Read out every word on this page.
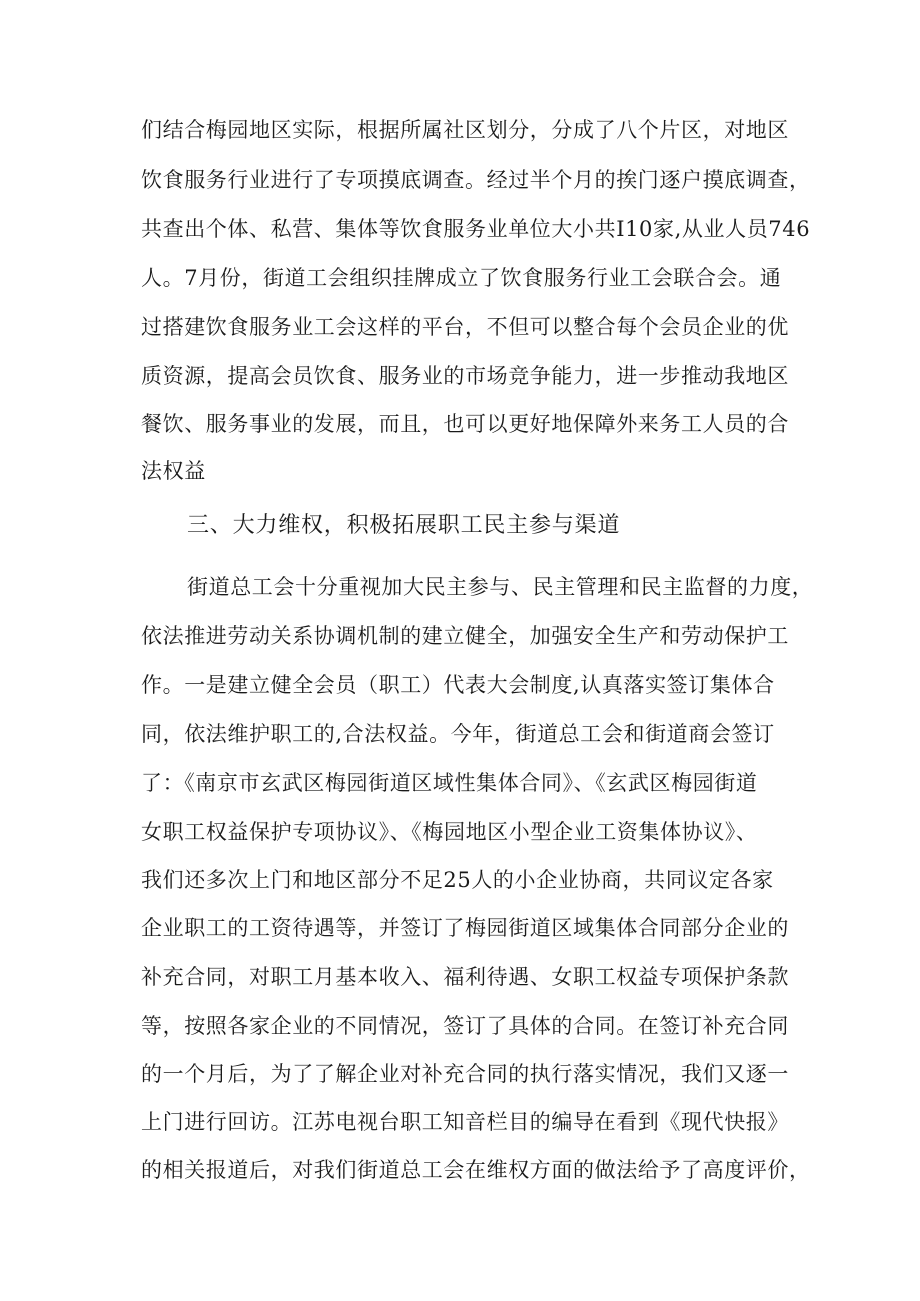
们结合梅园地区实际，根据所属社区划分，分成了八个片区，对地区
饮食服务行业进行了专项摸底调查。经过半个月的挨门逐户摸底调查，
共查出个体、私营、集体等饮食服务业单位大小共I10家,从业人员746
人。7月份，街道工会组织挂牌成立了饮食服务行业工会联合会。通
过搭建饮食服务业工会这样的平台，不但可以整合每个会员企业的优
质资源，提高会员饮食、服务业的市场竞争能力，进一步推动我地区
餐饮、服务事业的发展，而且，也可以更好地保障外来务工人员的合
法权益
三、大力维权，积极拓展职工民主参与渠道
街道总工会十分重视加大民主参与、民主管理和民主监督的力度，
依法推进劳动关系协调机制的建立健全，加强安全生产和劳动保护工
作。一是建立健全会员（职工）代表大会制度,认真落实签订集体合
同，依法维护职工的,合法权益。今年，街道总工会和街道商会签订
了：《南京市玄武区梅园街道区域性集体合同》、《玄武区梅园街道
女职工权益保护专项协议》、《梅园地区小型企业工资集体协议》、
我们还多次上门和地区部分不足25人的小企业协商，共同议定各家
企业职工的工资待遇等，并签订了梅园街道区域集体合同部分企业的
补充合同，对职工月基本收入、福利待遇、女职工权益专项保护条款
等，按照各家企业的不同情况，签订了具体的合同。在签订补充合同
的一个月后，为了了解企业对补充合同的执行落实情况，我们又逐一
上门进行回访。江苏电视台职工知音栏目的编导在看到《现代快报》
的相关报道后，对我们街道总工会在维权方面的做法给予了高度评价，
